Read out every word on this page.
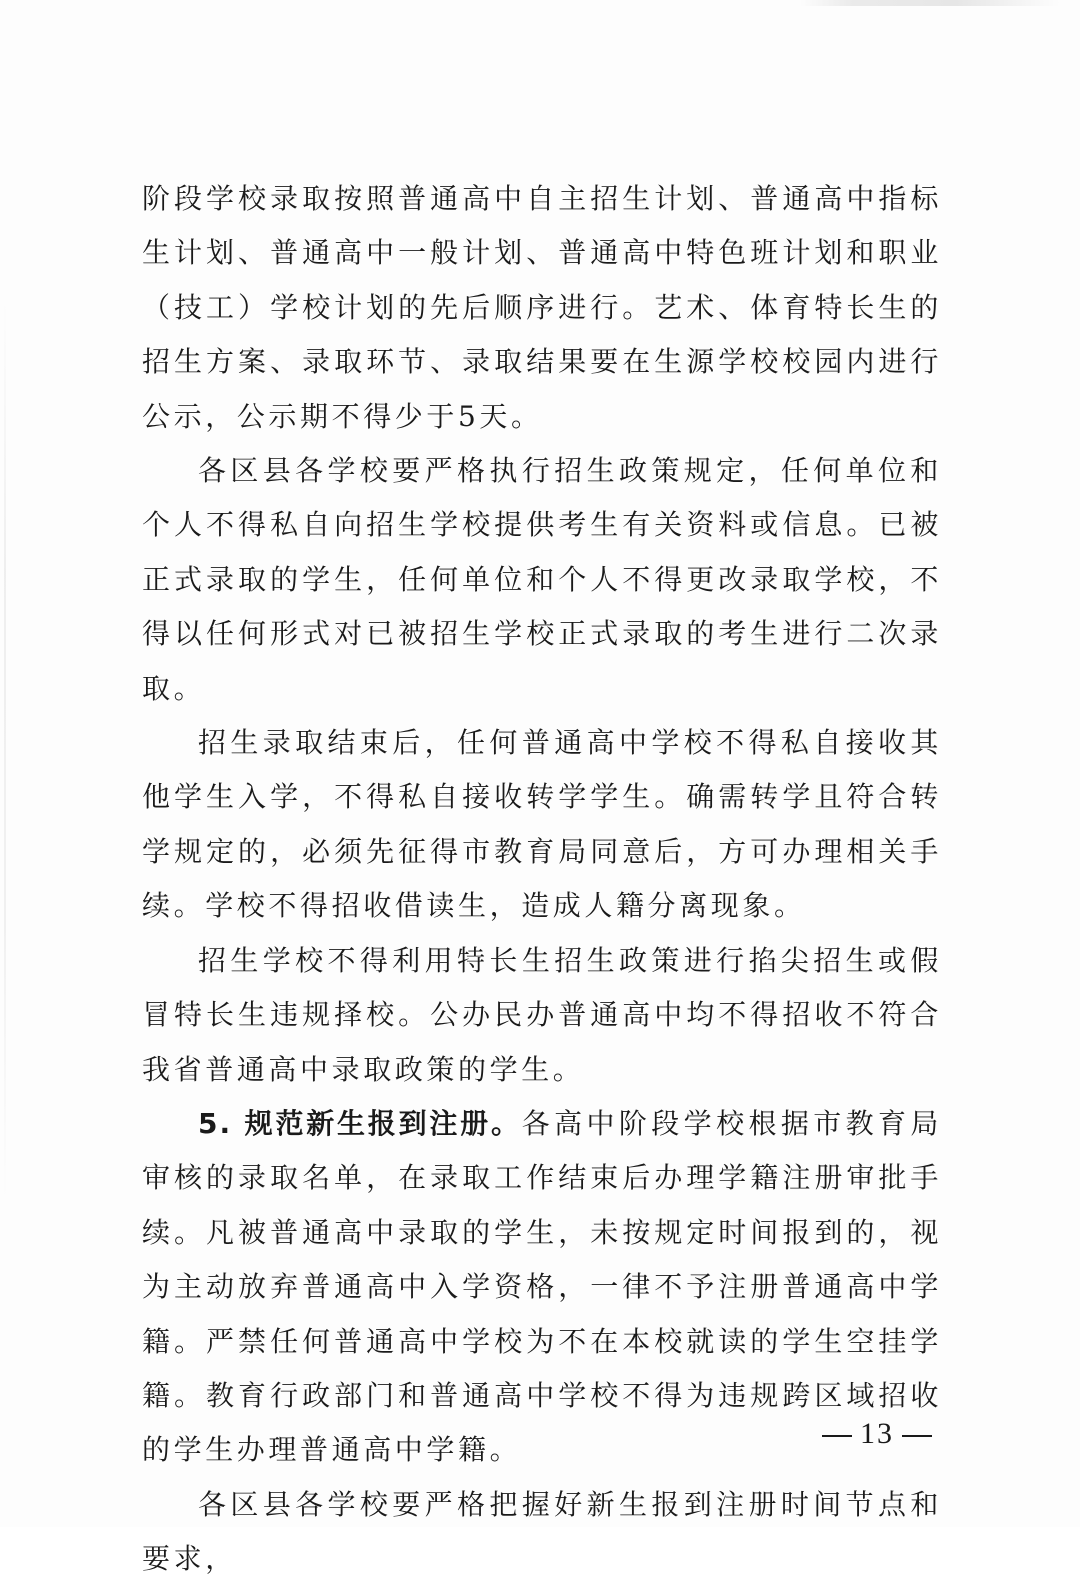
阶段学校录取按照普通高中自主招生计划、普通高中指标生计划、普通高中一般计划、普通高中特色班计划和职业（技工）学校计划的先后顺序进行。艺术、体育特长生的招生方案、录取环节、录取结果要在生源学校校园内进行公示，公示期不得少于5天。

各区县各学校要严格执行招生政策规定，任何单位和个人不得私自向招生学校提供考生有关资料或信息。已被正式录取的学生，任何单位和个人不得更改录取学校，不得以任何形式对已被招生学校正式录取的考生进行二次录取。

招生录取结束后，任何普通高中学校不得私自接收其他学生入学，不得私自接收转学学生。确需转学且符合转学规定的，必须先征得市教育局同意后，方可办理相关手续。学校不得招收借读生，造成人籍分离现象。

招生学校不得利用特长生招生政策进行掐尖招生或假冒特长生违规择校。公办民办普通高中均不得招收不符合我省普通高中录取政策的学生。

5. 规范新生报到注册。各高中阶段学校根据市教育局审核的录取名单，在录取工作结束后办理学籍注册审批手续。凡被普通高中录取的学生，未按规定时间报到的，视为主动放弃普通高中入学资格，一律不予注册普通高中学籍。严禁任何普通高中学校为不在本校就读的学生空挂学籍。教育行政部门和普通高中学校不得为违规跨区域招收的学生办理普通高中学籍。

各区县各学校要严格把握好新生报到注册时间节点和要求，

13
